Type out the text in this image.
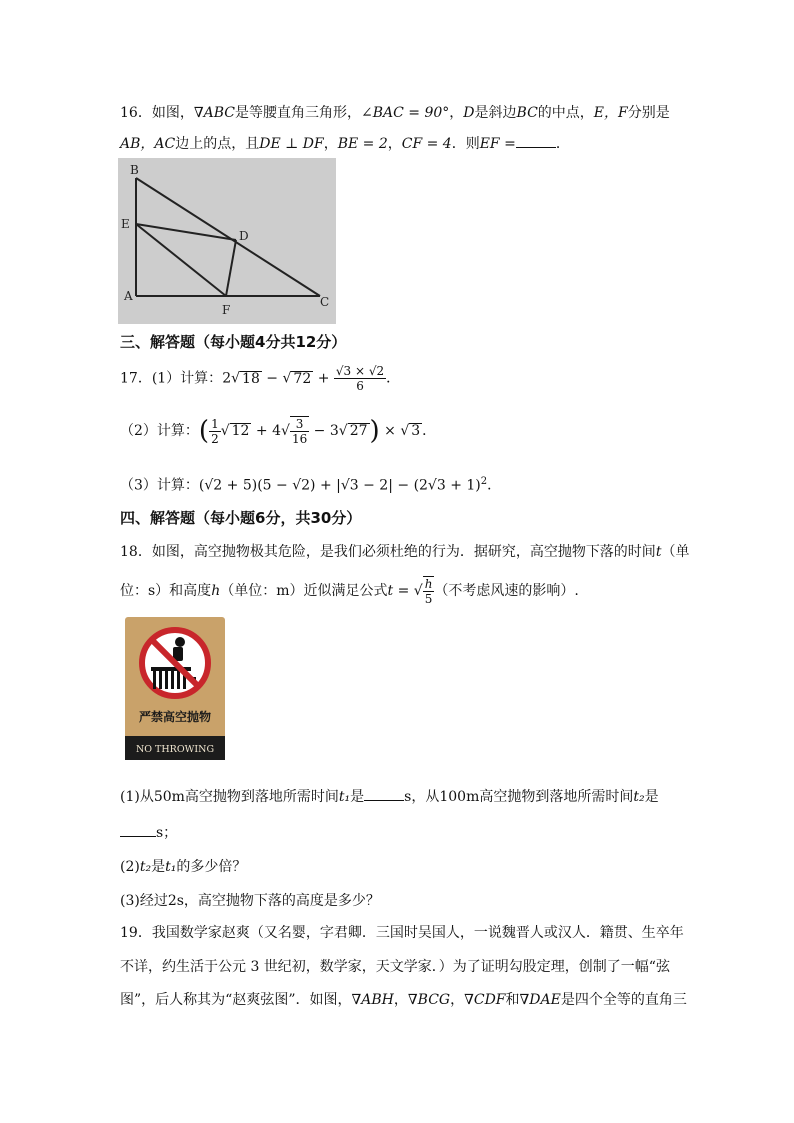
16．如图，∇ABC是等腰直角三角形，∠BAC = 90°，D是斜边BC的中点，E，F分别是
AB，AC边上的点，且DE ⊥ DF，BE = 2，CF = 4．则EF =	．
B
E
D
A
F
C
三、解答题（每小题4分共12分）
17．(1）计算：2√ 18 − √ $72 + \frac{√3 \times √2}{6}$ ．
（2）计算：( $\frac{1}{2}$ √ $12 + 4√ \frac{3}{16} - 3√$ 27) × √ 3 ．
（3）计算：$(√2 + 5)(5 - √2) + |√3 - 2| - (2√3 + 1)^2$．
四、解答题（每小题6分，共30分）
18．如图，高空抛物极其危险，是我们必须杜绝的行为．据研究，高空抛物下落的时间t（单
位：s）和高度h（单位：m）近似满足公式t = √ $\frac{h}{5}$ （不考虑风速的影响）.
严禁高空抛物
NO THROWING
(1)从50m高空抛物到落地所需时间t₁是	s，从100m高空抛物到落地所需时间t₂是
s；
(2)t₂是t₁的多少倍？
(3)经过2s，高空抛物下落的高度是多少？
19．我国数学家赵爽（又名婴，字君卿．三国时吴国人，一说魏晋人或汉人．籍贯、生卒年
不详，约生活于公元 3 世纪初，数学家，天文学家．）为了证明勾股定理，创制了一幅“弦
图”，后人称其为“赵爽弦图”．如图，∇ABH，∇BCG，∇CDF和∇DAE是四个全等的直角三
